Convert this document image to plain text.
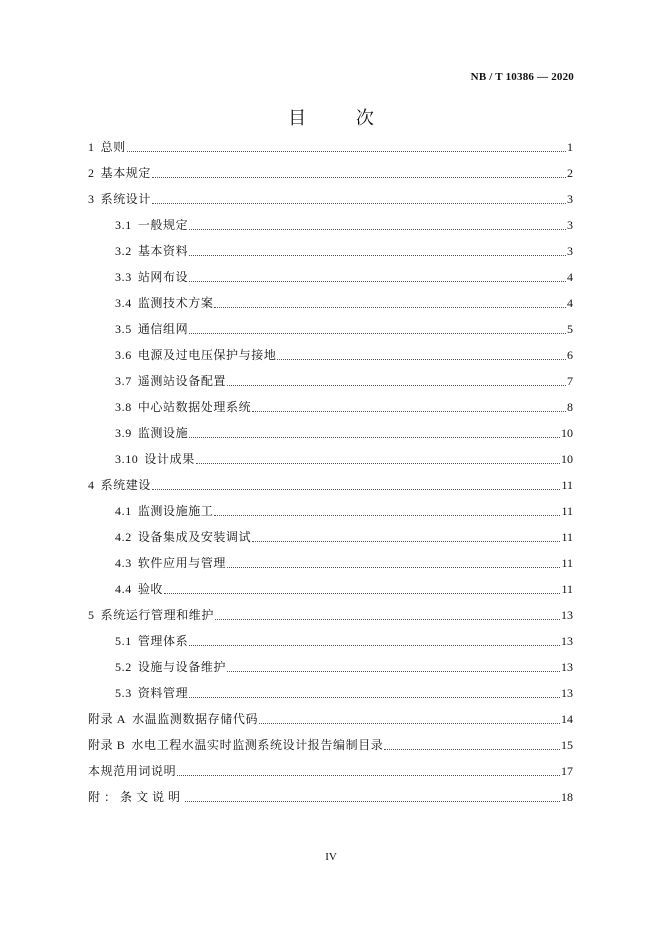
NB / T 10386 — 2020
目 次
1 总则	1
2 基本规定	2
3 系统设计	3
3.1 一般规定	3
3.2 基本资料	3
3.3 站网布设	4
3.4 监测技术方案	4
3.5 通信组网	5
3.6 电源及过电压保护与接地	6
3.7 遥测站设备配置	7
3.8 中心站数据处理系统	8
3.9 监测设施	10
3.10 设计成果	10
4 系统建设	11
4.1 监测设施施工	11
4.2 设备集成及安装调试	11
4.3 软件应用与管理	11
4.4 验收	11
5 系统运行管理和维护	13
5.1 管理体系	13
5.2 设施与设备维护	13
5.3 资料管理	13
附录 A 水温监测数据存储代码	14
附录 B 水电工程水温实时监测系统设计报告编制目录	15
本规范用词说明	17
附：条文说明	18
IV
